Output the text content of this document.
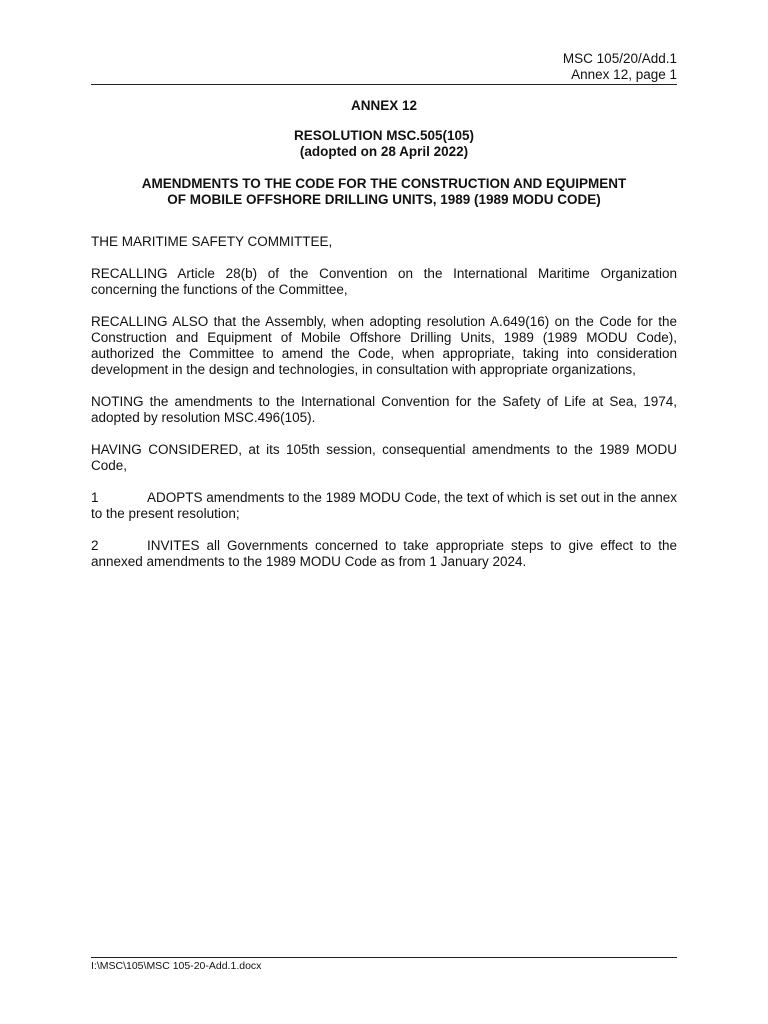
MSC 105/20/Add.1
Annex 12, page 1

ANNEX 12

RESOLUTION MSC.505(105)

(adopted on 28 April 2022)

AMENDMENTS TO THE CODE FOR THE CONSTRUCTION AND EQUIPMENT

OF MOBILE OFFSHORE DRILLING UNITS, 1989 (1989 MODU CODE)

THE MARITIME SAFETY COMMITTEE,

RECALLING Article 28(b) of the Convention on the International Maritime Organization concerning the functions of the Committee,

RECALLING ALSO that the Assembly, when adopting resolution A.649(16) on the Code for the Construction and Equipment of Mobile Offshore Drilling Units, 1989 (1989 MODU Code), authorized the Committee to amend the Code, when appropriate, taking into consideration development in the design and technologies, in consultation with appropriate organizations,

NOTING the amendments to the International Convention for the Safety of Life at Sea, 1974, adopted by resolution MSC.496(105).

HAVING CONSIDERED, at its 105th session, consequential amendments to the 1989 MODU Code,

1	ADOPTS amendments to the 1989 MODU Code, the text of which is set out in the annex to the present resolution;

2	INVITES all Governments concerned to take appropriate steps to give effect to the annexed amendments to the 1989 MODU Code as from 1 January 2024.

I:\MSC\105\MSC 105-20-Add.1.docx
